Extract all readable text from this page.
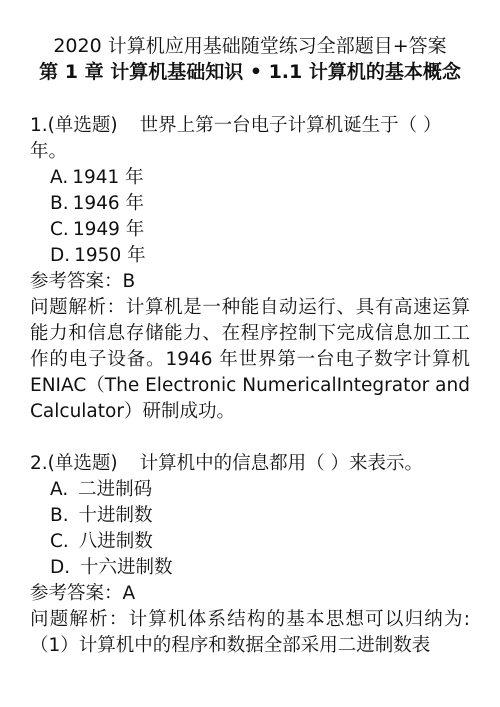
2020 计算机应用基础随堂练习全部题目+答案
第 1 章 计算机基础知识 • 1.1 计算机的基本概念
1.(单选题) 世界上第一台电子计算机诞生于（ ）年。
A. 1941 年
B. 1946 年
C. 1949 年
D. 1950 年
参考答案：B
问题解析：计算机是一种能自动运行、具有高速运算能力和信息存储能力、在程序控制下完成信息加工工作的电子设备。1946 年世界第一台电子数字计算机 ENIAC（The Electronic NumericalIntegrator and Calculator）研制成功。
2.(单选题) 计算机中的信息都用（ ）来表示。
A. 二进制码
B. 十进制数
C. 八进制数
D. 十六进制数
参考答案：A
问题解析：计算机体系结构的基本思想可以归纳为:（1）计算机中的程序和数据全部采用二进制数表
